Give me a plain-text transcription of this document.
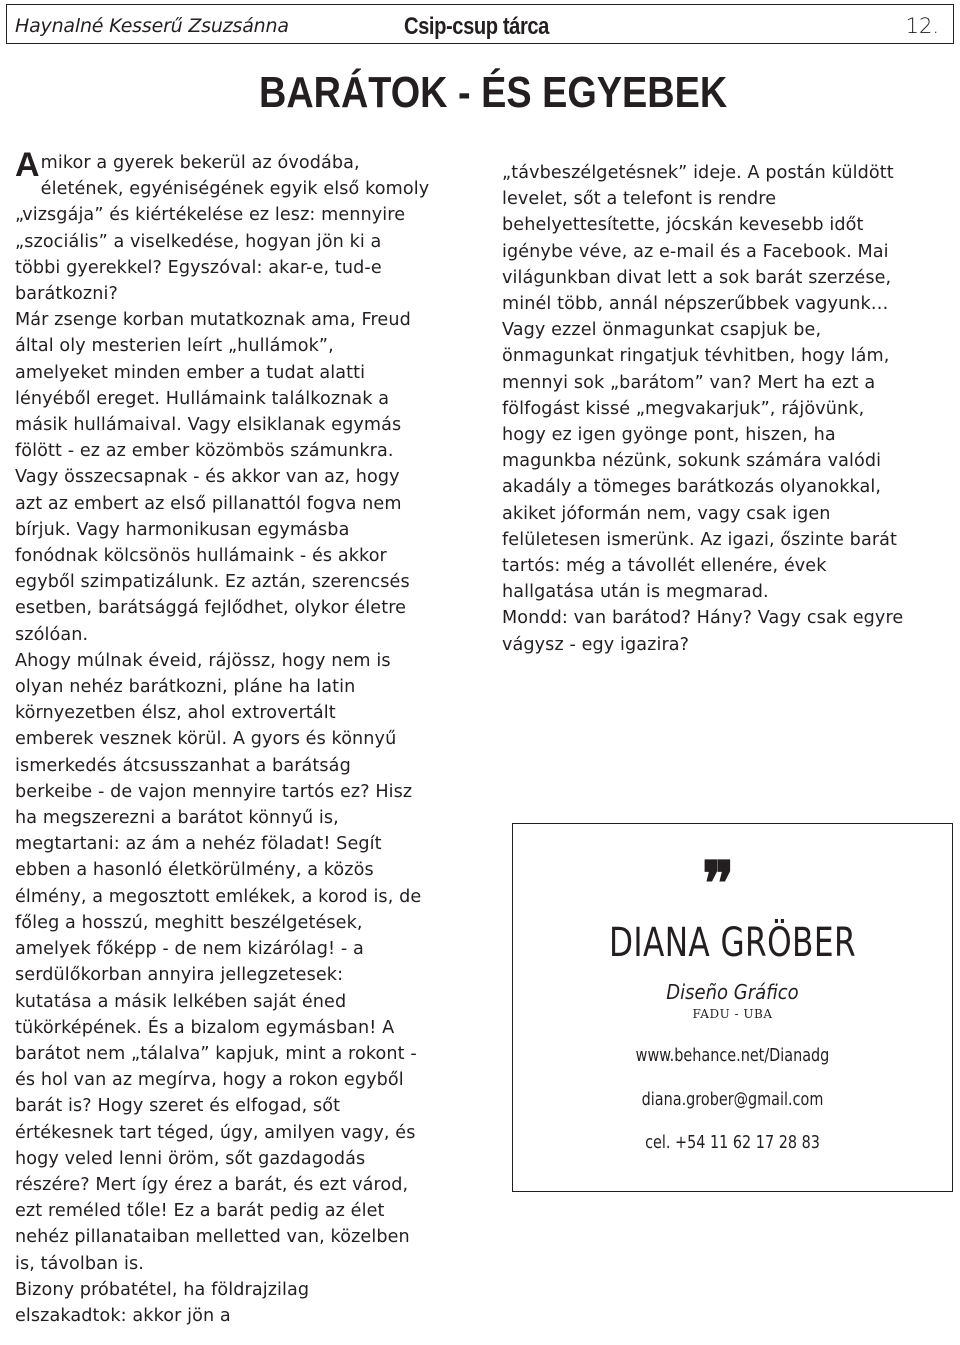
Haynalné Kesserű Zsuzsánna	Csip-csup tárca	12.
BARÁTOK - ÉS EGYEBEK

Amikor a gyerek bekerül az óvodába,

életének, egyéniségének egyik első komoly

„vizsgája” és kiértékelése ez lesz: mennyire

„szociális” a viselkedése, hogyan jön ki a

többi gyerekkel? Egyszóval: akar-e, tud-e

barátkozni?

Már zsenge korban mutatkoznak ama, Freud

által oly mesterien leírt „hullámok”,

amelyeket minden ember a tudat alatti

lényéből ereget. Hullámaink találkoznak a

másik hullámaival. Vagy elsiklanak egymás

fölött - ez az ember közömbös számunkra.

Vagy összecsapnak - és akkor van az, hogy

azt az embert az első pillanattól fogva nem

bírjuk. Vagy harmonikusan egymásba

fonódnak kölcsönös hullámaink - és akkor

egyből szimpatizálunk. Ez aztán, szerencsés

esetben, barátsággá fejlődhet, olykor életre

szólóan.

Ahogy múlnak éveid, rájössz, hogy nem is

olyan nehéz barátkozni, pláne ha latin

környezetben élsz, ahol extrovertált

emberek vesznek körül. A gyors és könnyű

ismerkedés átcsusszanhat a barátság

berkeibe - de vajon mennyire tartós ez? Hisz

ha megszerezni a barátot könnyű is,

megtartani: az ám a nehéz föladat! Segít

ebben a hasonló életkörülmény, a közös

élmény, a megosztott emlékek, a korod is, de

főleg a hosszú, meghitt beszélgetések,

amelyek főképp - de nem kizárólag! - a

serdülőkorban annyira jellegzetesek:

kutatása a másik lelkében saját éned

tükörképének. És a bizalom egymásban! A

barátot nem „tálalva” kapjuk, mint a rokont -

és hol van az megírva, hogy a rokon egyből

barát is? Hogy szeret és elfogad, sőt

értékesnek tart téged, úgy, amilyen vagy, és

hogy veled lenni öröm, sőt gazdagodás

részére? Mert így érez a barát, és ezt várod,

ezt reméled tőle! Ez a barát pedig az élet

nehéz pillanataiban melletted van, közelben

is, távolban is.

Bizony próbatétel, ha földrajzilag

elszakadtok: akkor jön a

„távbeszélgetésnek” ideje. A postán küldött

levelet, sőt a telefont is rendre

behelyettesítette, jócskán kevesebb időt

igénybe véve, az e-mail és a Facebook. Mai

világunkban divat lett a sok barát szerzése,

minél több, annál népszerűbbek vagyunk…

Vagy ezzel önmagunkat csapjuk be,

önmagunkat ringatjuk tévhitben, hogy lám,

mennyi sok „barátom” van? Mert ha ezt a

fölfogást kissé „megvakarjuk”, rájövünk,

hogy ez igen gyönge pont, hiszen, ha

magunkba nézünk, sokunk számára valódi

akadály a tömeges barátkozás olyanokkal,

akiket jóformán nem, vagy csak igen

felületesen ismerünk. Az igazi, őszinte barát

tartós: még a távollét ellenére, évek

hallgatása után is megmarad.

Mondd: van barátod? Hány? Vagy csak egyre

vágysz - egy igazira?

❞
DIANA GRÖBER
Diseño Gráfico
FADU - UBA
www.behance.net/Dianadg
diana.grober@gmail.com
cel. +54 11 62 17 28 83
